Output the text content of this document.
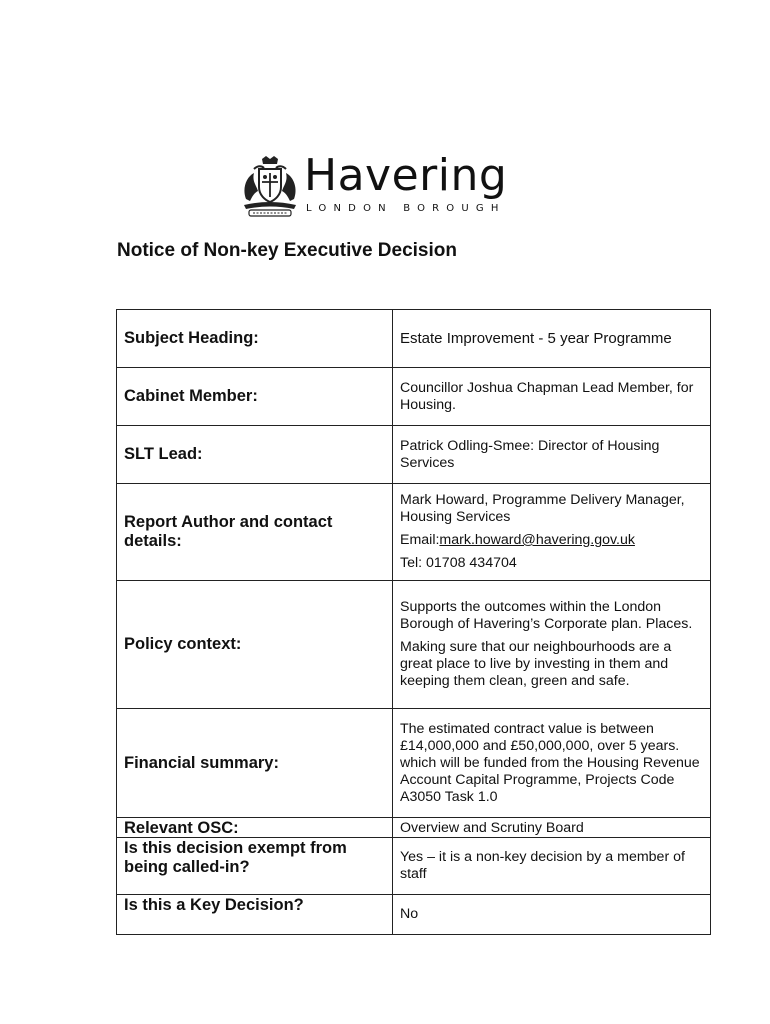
Havering
LONDON BOROUGH
Notice of Non-key Executive Decision
Subject Heading:	Estate Improvement - 5 year Programme

Cabinet Member:	Councillor Joshua Chapman Lead Member, for Housing.

SLT Lead:	Patrick Odling-Smee: Director of Housing Services

Report Author and contact details:	Mark Howard, Programme Delivery Manager, Housing Services

Email:mark.howard@havering.gov.uk

Tel: 01708 434704

Policy context:	Supports the outcomes within the London Borough of Havering’s Corporate plan. Places.

Making sure that our neighbourhoods are a great place to live by investing in them and keeping them clean, green and safe.

Financial summary:	The estimated contract value is between £14,000,000 and £50,000,000, over 5 years. which will be funded from the Housing Revenue Account Capital Programme, Projects Code A3050 Task 1.0

Relevant OSC:	Overview and Scrutiny Board

Is this decision exempt from being called-in?	Yes – it is a non-key decision by a member of staff

Is this a Key Decision?	No
